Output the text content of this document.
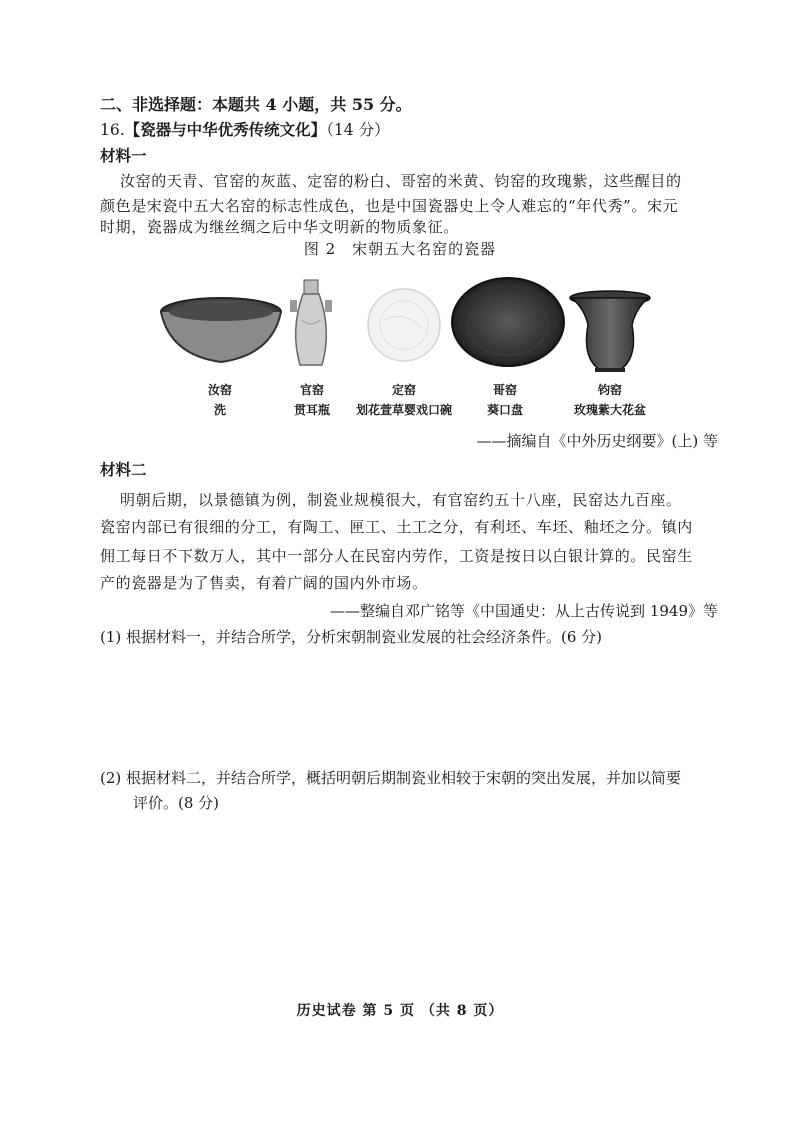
二、非选择题：本题共 4 小题，共 55 分。
16.【瓷器与中华优秀传统文化】（14 分）
材料一
汝窑的天青、官窑的灰蓝、定窑的粉白、哥窑的米黄、钧窑的玫瑰紫，这些醒目的
颜色是宋瓷中五大名窑的标志性成色，也是中国瓷器史上令人难忘的“年代秀”。宋元
时期，瓷器成为继丝绸之后中华文明新的物质象征。
图 2　宋朝五大名窑的瓷器
汝窑
洗
官窑
贯耳瓶
定窑
划花萱草婴戏口碗
哥窑
葵口盘
钧窑
玫瑰紫大花盆
——摘编自《中外历史纲要》(上) 等
材料二
明朝后期，以景德镇为例，制瓷业规模很大，有官窑约五十八座，民窑达九百座。
瓷窑内部已有很细的分工，有陶工、匣工、土工之分，有利坯、车坯、釉坯之分。镇内
佣工每日不下数万人，其中一部分人在民窑内劳作，工资是按日以白银计算的。民窑生
产的瓷器是为了售卖，有着广阔的国内外市场。
——整编自邓广铭等《中国通史：从上古传说到 1949》等
(1) 根据材料一，并结合所学，分析宋朝制瓷业发展的社会经济条件。(6 分)
(2) 根据材料二，并结合所学，概括明朝后期制瓷业相较于宋朝的突出发展，并加以简要
评价。(8 分)
历史试卷 第 5 页 （共 8 页）
